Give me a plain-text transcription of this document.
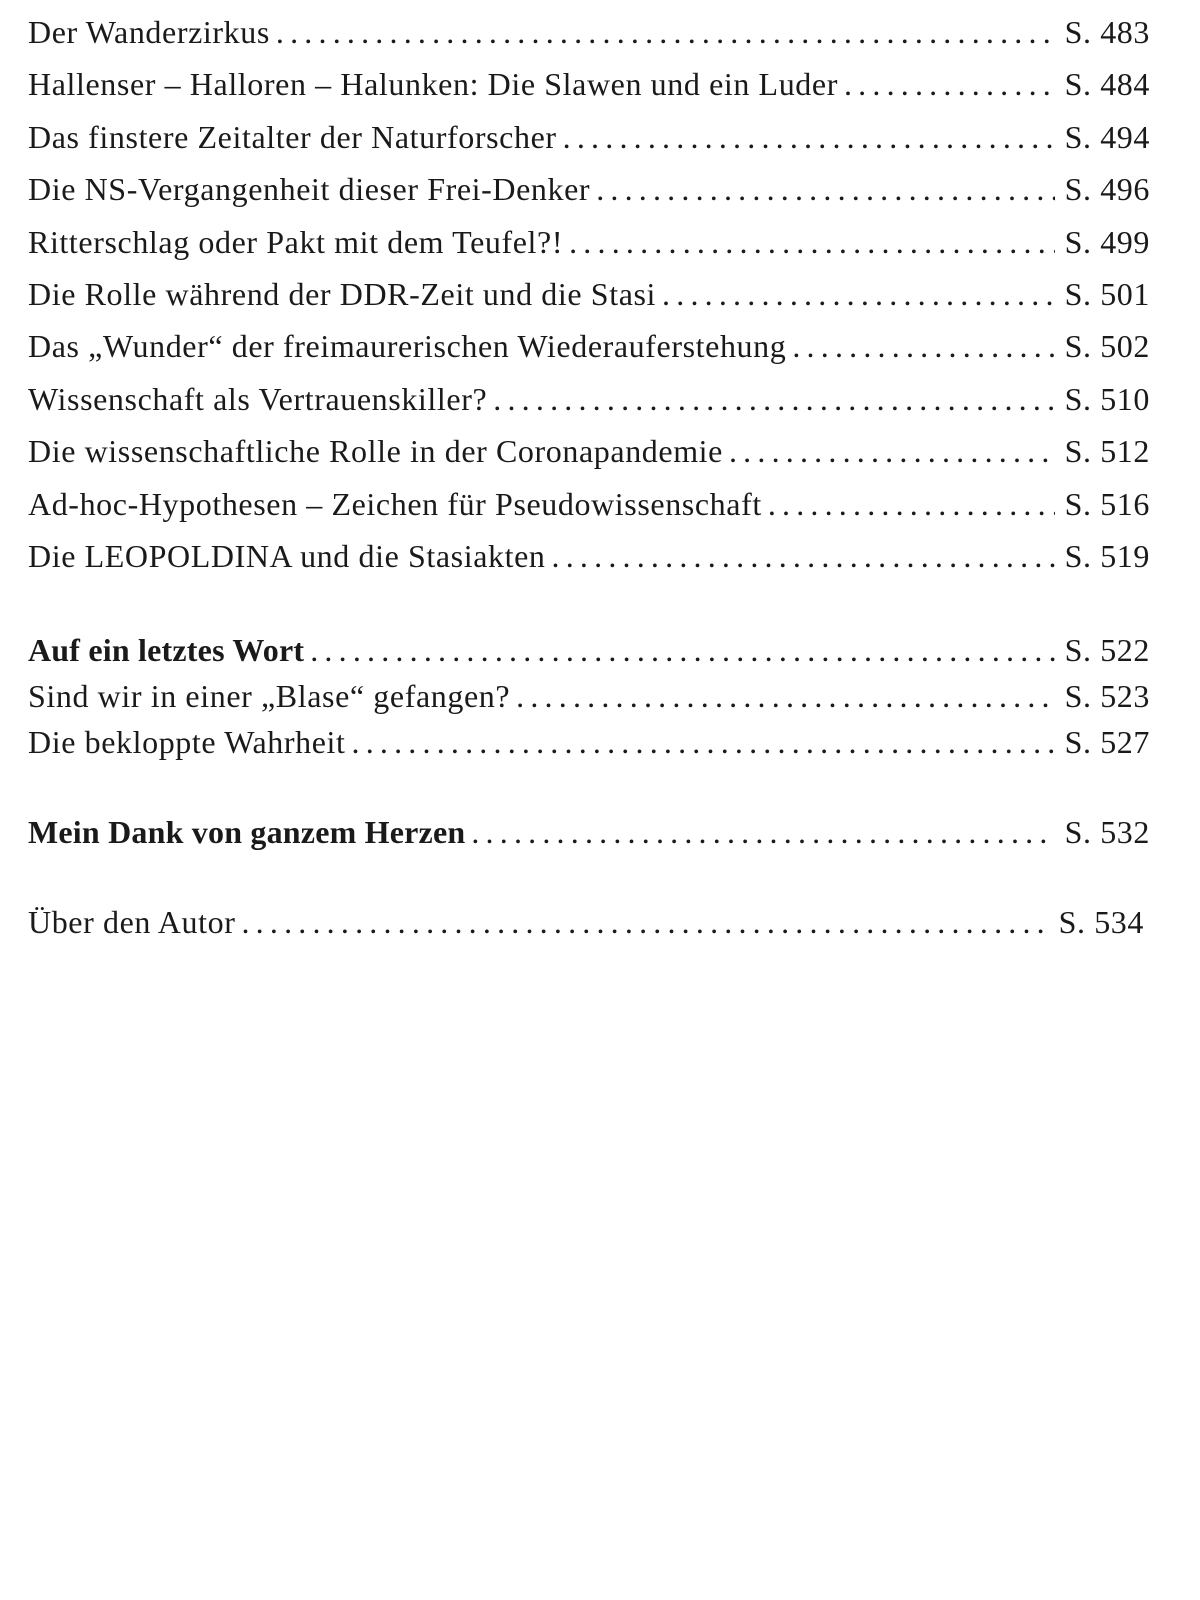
Der Wanderzirkus .....	S. 483
Hallenser – Halloren – Halunken: Die Slawen und ein Luder .....	S. 484
Das finstere Zeitalter der Naturforscher .....	S. 494
Die NS-Vergangenheit dieser Frei-Denker .....	S. 496
Ritterschlag oder Pakt mit dem Teufel?! .....	S. 499
Die Rolle während der DDR-Zeit und die Stasi .....	S. 501
Das „Wunder“ der freimaurerischen Wiederauferstehung .....	S. 502
Wissenschaft als Vertrauenskiller? .....	S. 510
Die wissenschaftliche Rolle in der Coronapandemie .....	S. 512
Ad-hoc-Hypothesen – Zeichen für Pseudowissenschaft .....	S. 516
Die LEOPOLDINA und die Stasiakten .....	S. 519
Auf ein letztes Wort .....	S. 522
Sind wir in einer „Blase“ gefangen? .....	S. 523
Die bekloppte Wahrheit .....	S. 527
Mein Dank von ganzem Herzen .....	S. 532
Über den Autor .....	S. 534
